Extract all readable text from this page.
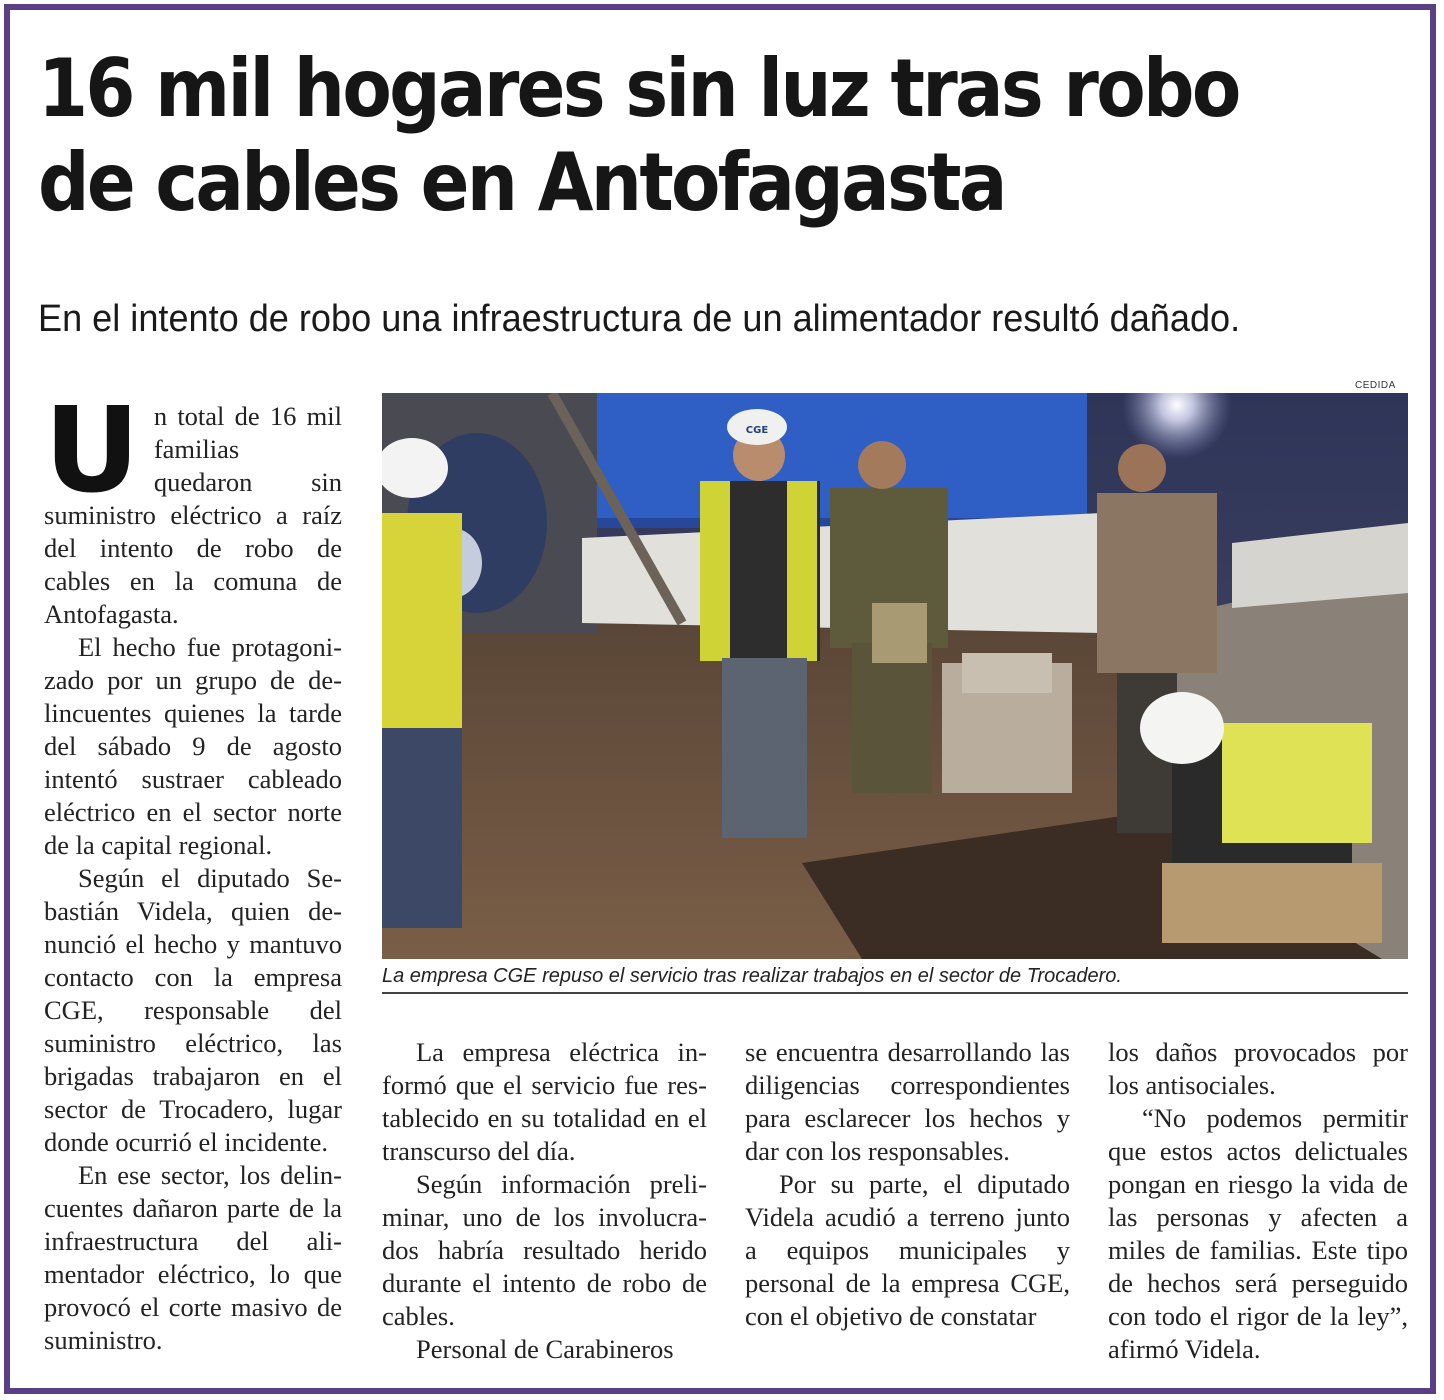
16 mil hogares sin luz tras robo
de cables en Antofagasta

En el intento de robo una infraestructura de un alimentador resultó dañado.

Un total de 16 mil familias quedaron sin suministro eléctrico a raíz del intento de robo de cables en la comuna de Antofagasta.

El hecho fue protagonizado por un grupo de delincuentes quienes la tarde del sábado 9 de agosto intentó sustraer cableado eléctrico en el sector norte de la capital regional.

Según el diputado Sebastián Videla, quien denunció el hecho y mantuvo contacto con la empresa CGE, responsable del suministro eléctrico, las brigadas trabajaron en el sector de Trocadero, lugar donde ocurrió el incidente.

En ese sector, los delincuentes dañaron parte de la infraestructura del alimentador eléctrico, lo que provocó el corte masivo de suministro.

CEDIDA
CGE

La empresa CGE repuso el servicio tras realizar trabajos en el sector de Trocadero.

La empresa eléctrica informó que el servicio fue restablecido en su totalidad en el transcurso del día.

Según información preliminar, uno de los involucrados habría resultado herido durante el intento de robo de cables.

Personal de Carabineros

se encuentra desarrollando las diligencias correspondientes para esclarecer los hechos y dar con los responsables.

Por su parte, el diputado Videla acudió a terreno junto a equipos municipales y personal de la empresa CGE, con el objetivo de constatar

los daños provocados por los antisociales.

“No podemos permitir que estos actos delictuales pongan en riesgo la vida de las personas y afecten a miles de familias. Este tipo de hechos será perseguido con todo el rigor de la ley”, afirmó Videla.
